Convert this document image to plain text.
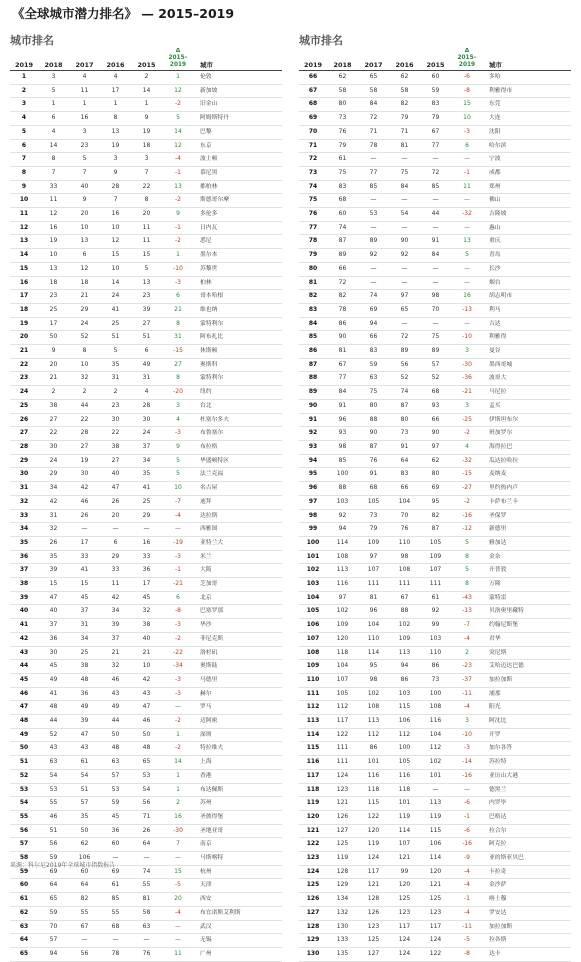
《全球城市潜力排名》 — 2015–2019
城市排名
2019	2018	2017	2016	2015	Δ
2015–
2019	城市
1	3	4	4	2	1	伦敦
2	5	11	17	14	12	新加坡
3	1	1	1	1	-2	旧金山
4	6	16	8	9	5	阿姆斯特丹
5	4	3	13	19	14	巴黎
6	14	23	19	18	12	东京
7	8	5	3	3	-4	波士顿
8	7	7	9	7	-1	慕尼黑
9	33	40	28	22	13	都柏林
10	11	9	7	8	-2	斯德哥尔摩
11	12	20	16	20	9	多伦多
12	16	10	10	11	-1	日内瓦
13	19	13	12	11	-2	悉尼
14	10	6	15	15	1	墨尔本
15	13	12	10	5	-10	苏黎世
16	18	18	14	13	-3	柏林
17	23	21	24	23	6	哥本哈根
18	25	29	41	39	21	维也纳
19	17	24	25	27	8	蒙特利尔
20	50	52	51	51	31	阿布扎比
21	9	8	5	6	-15	休斯顿
22	20	10	35	49	27	奥斯科
23	21	32	31	31	8	蒙特利尔
24	2	2	2	4	-20	纽约
25	38	44	23	28	3	台北
26	27	22	30	30	4	杜塞尔多夫
27	22	28	22	24	-3	布鲁塞尔
28	30	27	38	37	9	布拉格
29	24	19	27	34	5	华盛顿特区
30	29	30	40	35	5	法兰克福
31	34	42	47	41	10	名古屋
32	42	46	26	25	-7	迪拜
33	31	26	20	29	-4	达拉斯
34	32	—	—	—	—	西雅图
35	26	17	6	16	-19	亚特兰大
36	35	33	29	33	-3	米兰
37	39	41	33	36	-1	大阪
38	15	15	11	17	-21	芝加哥
39	47	45	42	45	6	北京
40	40	37	34	32	-8	巴塞罗那
41	37	31	39	38	-3	华沙
42	36	34	37	40	-2	菲尼克斯
43	30	25	21	21	-22	洛杉矶
44	45	38	32	10	-34	奥斯陆
45	49	48	46	42	-3	马德里
46	41	36	43	43	-3	赫尔
47	48	49	49	47	—	罗马
48	44	39	44	46	-2	迈阿密
49	52	47	50	50	1	深圳
50	43	43	48	48	-2	特拉维夫
51	63	61	63	65	14	上海
52	54	54	57	53	1	香港
53	53	51	53	54	1	布达佩斯
54	55	57	59	56	2	苏州
55	46	35	45	71	16	圣彼得堡
56	51	50	36	26	-30	圣地亚哥
57	56	62	60	64	7	南京
58	59	106	—	—	—	马斯喀特
59	69	60	69	74	15	杭州
60	64	64	61	55	-5	天津
61	65	82	85	81	20	西安
62	59	55	55	58	-4	布宜诺斯艾利斯
63	70	67	68	63	—	武汉
64	57	—	—	—	—	无锡
65	94	56	78	76	11	广州
城市排名
2019	2018	2017	2016	2015	Δ
2015–
2019	城市
66	62	65	62	60	-6	多哈
67	58	58	58	59	-8	利雅得市
68	80	84	82	83	15	东莞
69	73	72	79	79	10	大连
70	76	71	71	67	-3	沈阳
71	79	78	81	77	6	哈尔滨
72	61	—	—	—	—	宁波
73	75	77	75	72	-1	成都
74	83	85	84	85	11	郑州
75	68	—	—	—	—	佛山
76	60	53	54	44	-32	吉隆坡
77	74	—	—	—	—	惠山
78	87	89	90	91	13	重庆
79	89	92	92	84	5	青岛
80	66	—	—	—	—	长沙
81	72	—	—	—	—	烟台
82	82	74	97	98	16	胡志明市
83	78	69	65	70	-13	利马
84	86	94	—	—	—	吉达
85	90	66	72	75	-10	利雅得
86	81	83	89	89	3	曼谷
87	67	59	56	57	-30	墨西哥城
88	77	63	52	52	-36	波哥大
89	84	75	74	68	-21	马尼拉
90	91	80	87	93	3	孟买
91	96	88	80	66	-25	伊斯坦布尔
92	93	90	73	90	-2	班加罗尔
93	98	87	91	97	4	海得拉巴
94	85	76	64	62	-32	瓜达拉哈拉
95	100	91	83	80	-15	麦纳麦
96	88	68	66	69	-27	里约热内卢
97	103	105	104	95	-2	卡萨布兰卡
98	92	73	70	82	-16	圣保罗
99	94	79	76	87	-12	新德里
100	114	109	110	105	5	雅加达
101	108	97	98	109	8	金奈
102	113	107	108	107	5	开普敦
103	116	111	111	111	8	万隆
104	97	81	67	61	-43	蒙特雷
105	102	96	88	92	-13	贝洛奥里藏特
106	109	104	102	99	-7	约翰尼斯堡
107	120	110	109	103	-4	君华
108	118	114	113	110	2	突尼斯
109	104	95	94	86	-23	艾哈迈达巴德
110	107	98	86	73	-37	加拉加斯
111	105	102	103	100	-11	浦那
112	112	108	115	108	-4	阳光
113	117	113	106	116	3	阿沈比
114	122	112	112	104	-10	开罗
115	111	86	100	112	-3	加尔各答
116	111	101	105	102	-14	苏拉特
117	124	116	116	101	-16	亚历山大港
118	123	118	118	—	—	德黑兰
119	121	115	101	113	-6	内罗毕
120	126	122	119	119	-1	巴格达
121	127	120	114	115	-6	拉合尔
122	125	119	107	106	-16	阿克拉
123	119	124	121	114	-9	亚的斯亚贝巴
124	128	117	99	120	-4	卡拉奇
125	129	121	120	121	-4	金沙萨
126	134	128	125	125	-1	喀土穆
127	132	126	123	123	-4	罗安达
128	130	123	117	117	-11	加拉加斯
129	133	125	124	124	-5	拉各斯
130	135	127	124	122	-8	达卡
来源：科尔尼2019年全球城市指数报告
